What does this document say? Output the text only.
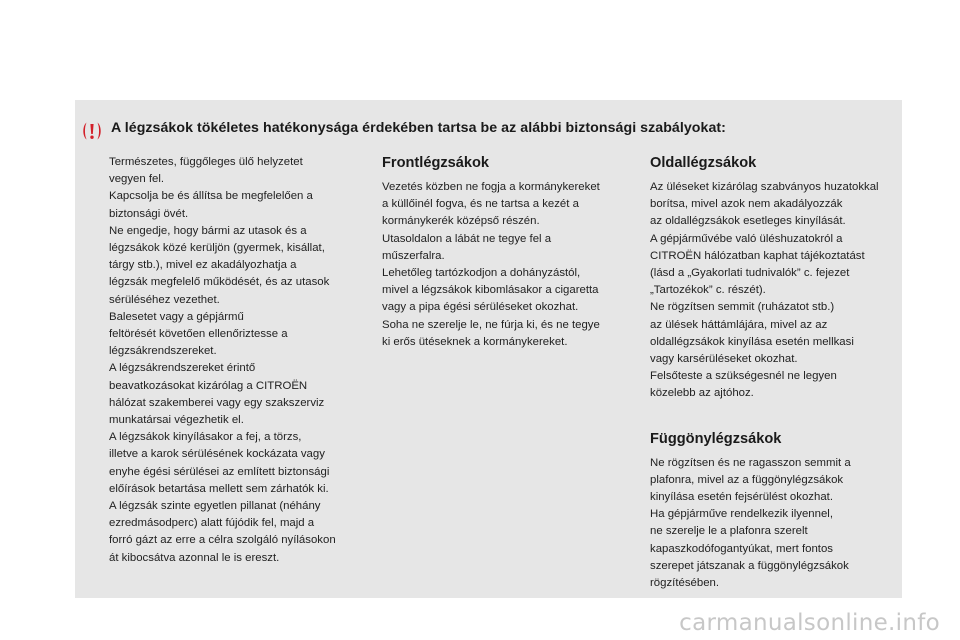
A légzsákok tökéletes hatékonysága érdekében tartsa be az alábbi biztonsági szabályokat:

Természetes, függőleges ülő helyzetet

vegyen fel.

Kapcsolja be és állítsa be megfelelően a

biztonsági övét.

Ne engedje, hogy bármi az utasok és a

légzsákok közé kerüljön (gyermek, kisállat,

tárgy stb.), mivel ez akadályozhatja a

légzsák megfelelő működését, és az utasok

sérüléséhez vezethet.

Balesetet vagy a gépjármű

feltörését követően ellenőriztesse a

légzsákrendszereket.

A légzsákrendszereket érintő

beavatkozásokat kizárólag a CITROËN

hálózat szakemberei vagy egy szakszerviz

munkatársai végezhetik el.

A légzsákok kinyílásakor a fej, a törzs,

illetve a karok sérülésének kockázata vagy

enyhe égési sérülései az említett biztonsági

előírások betartása mellett sem zárhatók ki.

A légzsák szinte egyetlen pillanat (néhány

ezredmásodperc) alatt fújódik fel, majd a

forró gázt az erre a célra szolgáló nyílásokon

át kibocsátva azonnal le is ereszt.

Frontlégzsákok

Vezetés közben ne fogja a kormánykereket

a küllőinél fogva, és ne tartsa a kezét a

kormánykerék középső részén.

Utasoldalon a lábát ne tegye fel a

műszerfalra.

Lehetőleg tartózkodjon a dohányzástól,

mivel a légzsákok kibomlásakor a cigaretta

vagy a pipa égési sérüléseket okozhat.

Soha ne szerelje le, ne fúrja ki, és ne tegye

ki erős ütéseknek a kormánykereket.

Oldallégzsákok

Az üléseket kizárólag szabványos huzatokkal

borítsa, mivel azok nem akadályozzák

az oldallégzsákok esetleges kinyílását.

A gépjárművébe való üléshuzatokról a

CITROËN hálózatban kaphat tájékoztatást

(lásd a „Gyakorlati tudnivalók” c. fejezet

„Tartozékok” c. részét).

Ne rögzítsen semmit (ruházatot stb.)

az ülések háttámlájára, mivel az az

oldallégzsákok kinyílása esetén mellkasi

vagy karsérüléseket okozhat.

Felsőteste a szükségesnél ne legyen

közelebb az ajtóhoz.

Függönylégzsákok

Ne rögzítsen és ne ragasszon semmit a

plafonra, mivel az a függönylégzsákok

kinyílása esetén fejsérülést okozhat.

Ha gépjárműve rendelkezik ilyennel,

ne szerelje le a plafonra szerelt

kapaszkodófogantyúkat, mert fontos

szerepet játszanak a függönylégzsákok

rögzítésében.

carmanualsonline.info
